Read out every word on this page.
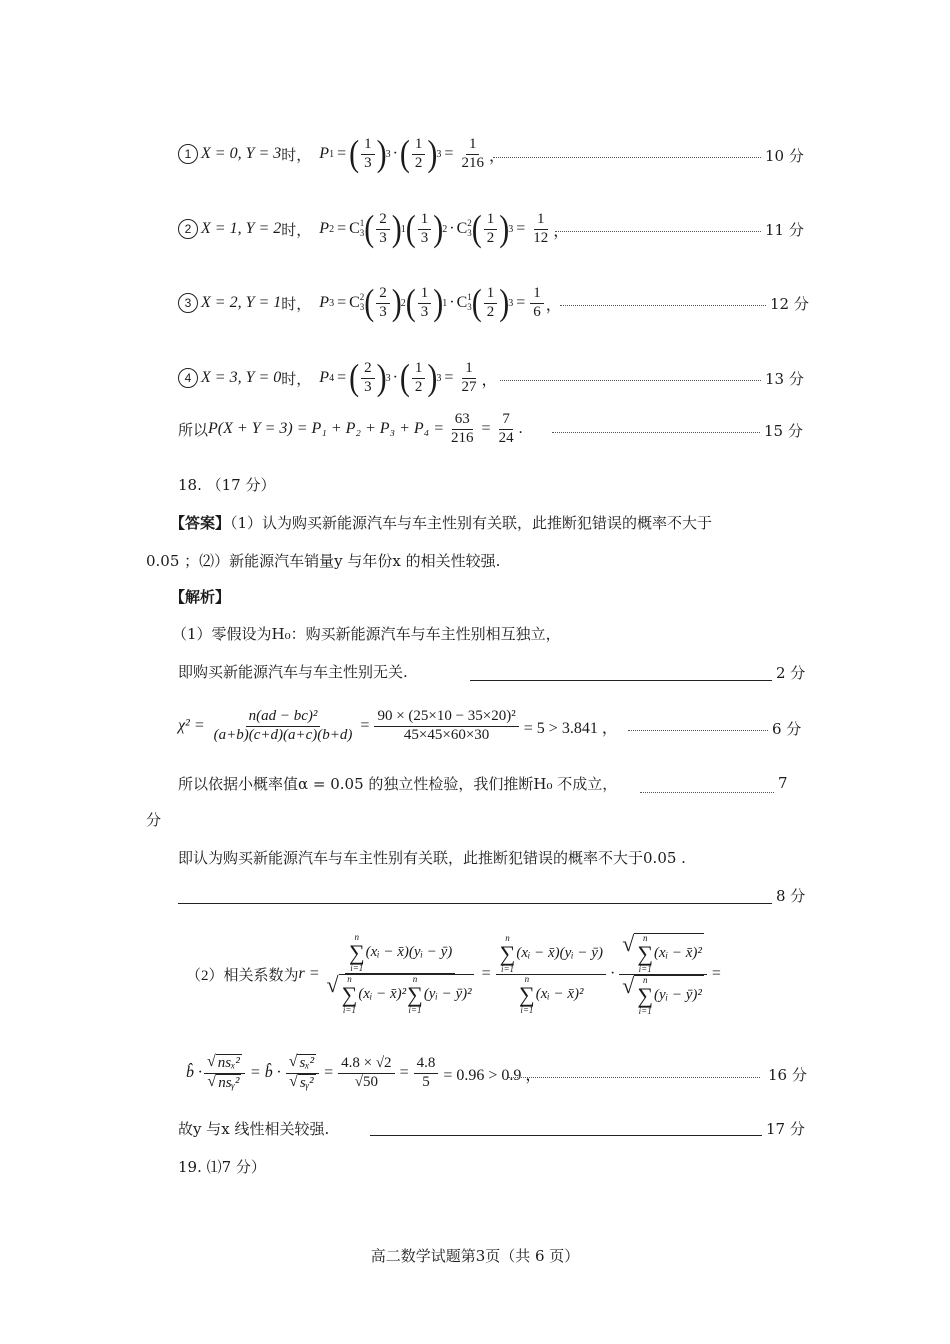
1 X = 0, Y = 3 时， P 1 = ( $\frac{1}{3}$ ) 3 · ( $\frac{1}{2}$ ) $3 = \frac{1}{216}$ ，	10 分
2 X = 1, Y = 2 时， P 2 = C 1
3 ( $\frac{2}{3}$ ) 1 ( $\frac{1}{3}$ ) 2 · C 2
3 ( $\frac{1}{2}$ ) $3 = \frac{1}{12}$ ，	11 分
3 X = 2, Y = 1 时， P 3 = C 2
3 ( $\frac{2}{3}$ ) 2 ( $\frac{1}{3}$ ) 1 · C 1
3 ( $\frac{1}{2}$ ) $3 = \frac{1}{6}$ ，	12 分
4 X = 3, Y = 0 时， P 4 = ( $\frac{2}{3}$ ) 3 · ( $\frac{1}{2}$ ) $3 = \frac{1}{27}$ ，	13 分
所以 $P(X + Y = 3) = P_1 + P_2 + P_3 + P_4 = \frac{63}{216} = \frac{7}{24}$ .	15 分
18. （17 分）
【答案】（1）认为购买新能源汽车与车主性别有关联，此推断犯错误的概率不大于
0.05 ；⑵）新能源汽车销量y 与年份x 的相关性较强.
【解析】
（1）零假设为H₀：购买新能源汽车与车主性别相互独立，
即购买新能源汽车与车主性别无关.	2 分
$\chi^2 = \frac{\text{n(ad − bc)²}}{(a+b)(c+d)(a+c)(b+d)} = \frac{\text{90 × (25×10 − 35×20)²}}{45\times 45\times 60\times 30} = 5 > 3.841$ ，	6 分
所以依据小概率值α = 0.05 的独立性检验，我们推断H₀ 不成立，	7
分
即认为购买新能源汽车与车主性别有关联，此推断犯错误的概率不大于0.05 .
8 分
（2）相关系数为 r =
n
∑
i=1
(xᵢ − x̄)(yᵢ − ȳ)
√ n
∑
i=1
(xᵢ − x̄)²
n
∑
i=1
(yᵢ − ȳ)²
= n
∑
i=1
(xᵢ − x̄)(yᵢ − ȳ)
n
∑
i=1
(xᵢ − x̄)² · √ n
∑
i=1
(xᵢ − x̄)²
√ n
∑
i=1
(yᵢ − ȳ)² =
b̂ · $\frac{\text{√ nsₓ²}}{\text{√ nsᵧ²}}$ = b̂ · $\frac{\text{√ sₓ²}}{\text{√ sᵧ²}} = \frac{4.8 \times √2}{√50} = \frac{4.8}{5} = 0.96 > 0.9$ ，	16 分
故y 与x 线性相关较强.	17 分
19. ⑴7 分）
高二数学试题第3页（共 6 页）
